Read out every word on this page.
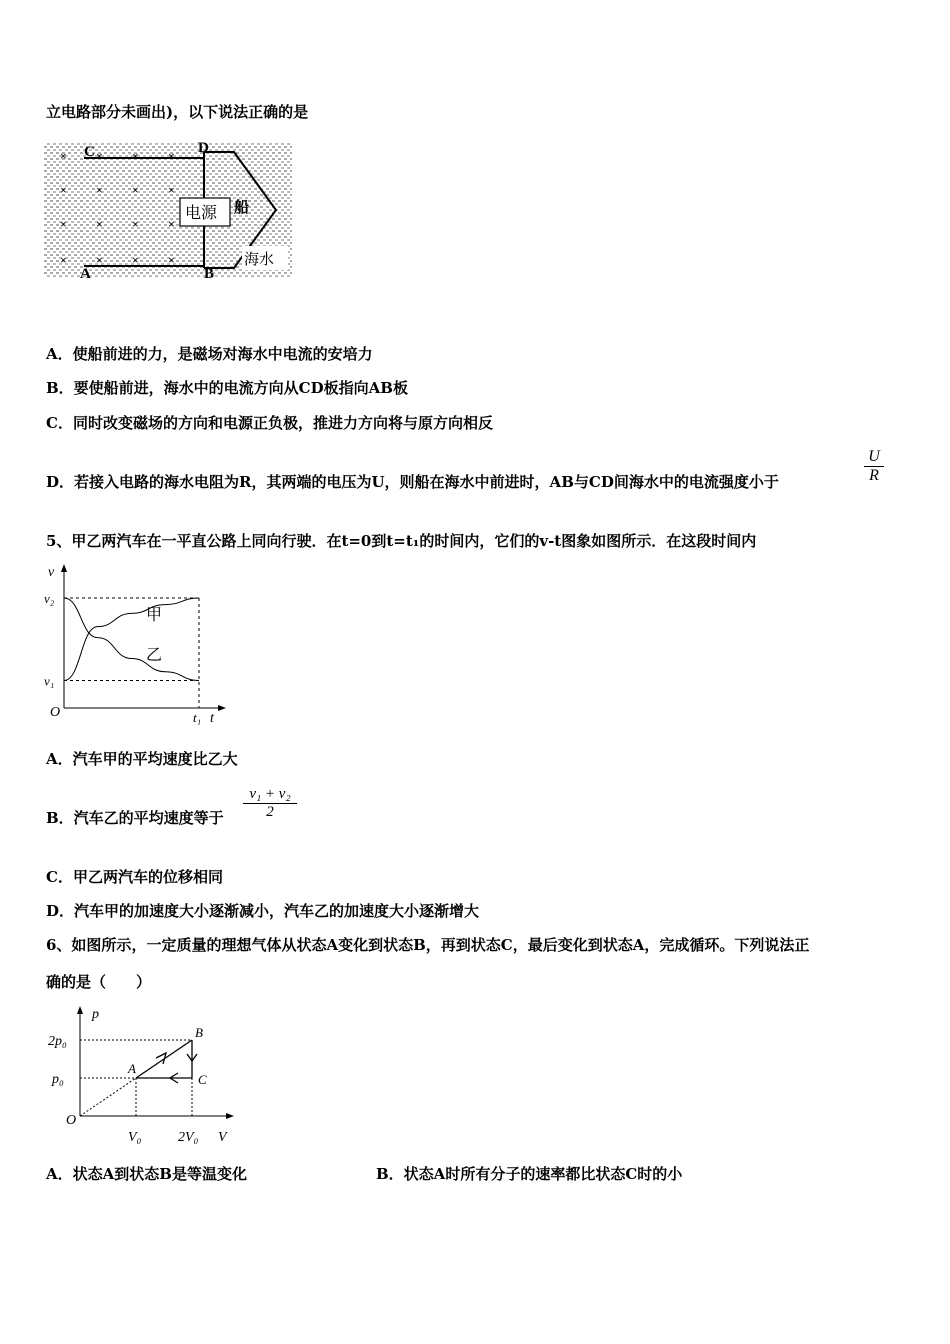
立电路部分未画出)，以下说法正确的是
× × × ×
× × × ×
× × × ×
× × × ×
电源
C	D
A	B
船
海水
A．使船前进的力，是磁场对海水中电流的安培力
B．要使船前进，海水中的电流方向从CD板指向AB板
C．同时改变磁场的方向和电源正负极，推进力方向将与原方向相反
D．若接入电路的海水电阻为R，其两端的电压为U，则船在海水中前进时，AB与CD间海水中的电流强度小于	$\frac{U}{R}$
5、甲乙两汽车在一平直公路上同向行驶．在t=0到t=t₁的时间内，它们的v-t图象如图所示．在这段时间内
甲
乙
v₂
v₁
v
O	t₁ t
A．汽车甲的平均速度比乙大
B．汽车乙的平均速度等于 $\frac{\text{v₁ + v₂}}{2}$
C．甲乙两汽车的位移相同
D．汽车甲的加速度大小逐渐减小，汽车乙的加速度大小逐渐增大
6、如图所示，一定质量的理想气体从状态A变化到状态B，再到状态C，最后变化到状态A，完成循环。下列说法正
确的是（　　）
A
B
C
2p₀
p₀
p
O
V₀	2V₀ V
A．状态A到状态B是等温变化	B．状态A时所有分子的速率都比状态C时的小
